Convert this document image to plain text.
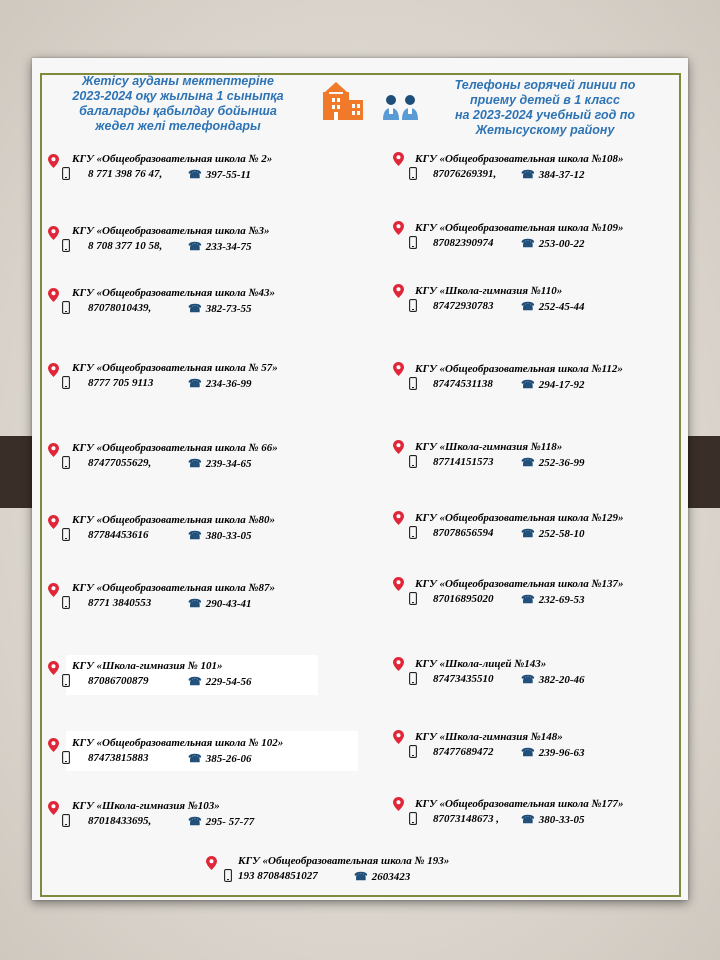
Жетісу ауданы мектептеріне
2023-2024 оқу жылына 1 сыныпқа
балаларды қабылдау бойынша
жедел желі телефондары
Телефоны горячей линии по
приему детей в 1 класс
на 2023-2024 учебный год по
Жетысускому району
КГУ «Общеобразовательная школа № 2»
8 771 398 76 47, ☎ 397-55-11
КГУ «Общеобразовательная школа №3»
8 708 377 10 58, ☎ 233-34-75
КГУ «Общеобразовательная школа №43»
87078010439,	☎ 382-73-55
КГУ «Общеобразовательная школа № 57»
8777 705 9113	☎ 234-36-99
КГУ «Общеобразовательная школа № 66»
87477055629,	☎ 239-34-65
КГУ «Общеобразовательная школа №80»
87784453616	☎ 380-33-05
КГУ «Общеобразовательная школа №87»
8771 3840553	☎ 290-43-41
КГУ «Школа-гимназия № 101»
87086700879	☎ 229-54-56
КГУ «Общеобразовательная школа № 102»
87473815883	☎ 385-26-06
КГУ «Школа-гимназия №103»
87018433695,	☎ 295- 57-77
КГУ «Общеобразовательная школа №108»
87076269391, ☎ 384-37-12
КГУ «Общеобразовательная школа №109»
87082390974	☎ 253-00-22
КГУ «Школа-гимназия №110»
87472930783	☎ 252-45-44
КГУ «Общеобразовательная школа №112»
87474531138	☎ 294-17-92
КГУ «Школа-гимназия №118»
87714151573	☎ 252-36-99
КГУ «Общеобразовательная школа №129»
87078656594	☎ 252-58-10
КГУ «Общеобразовательная школа №137»
87016895020	☎ 232-69-53
КГУ «Школа-лицей №143»
87473435510	☎ 382-20-46
КГУ «Школа-гимназия №148»
87477689472	☎ 239-96-63
КГУ «Общеобразовательная школа №177»
87073148673 , ☎ 380-33-05
КГУ «Общеобразовательная школа № 193»
193 87084851027	☎ 2603423
